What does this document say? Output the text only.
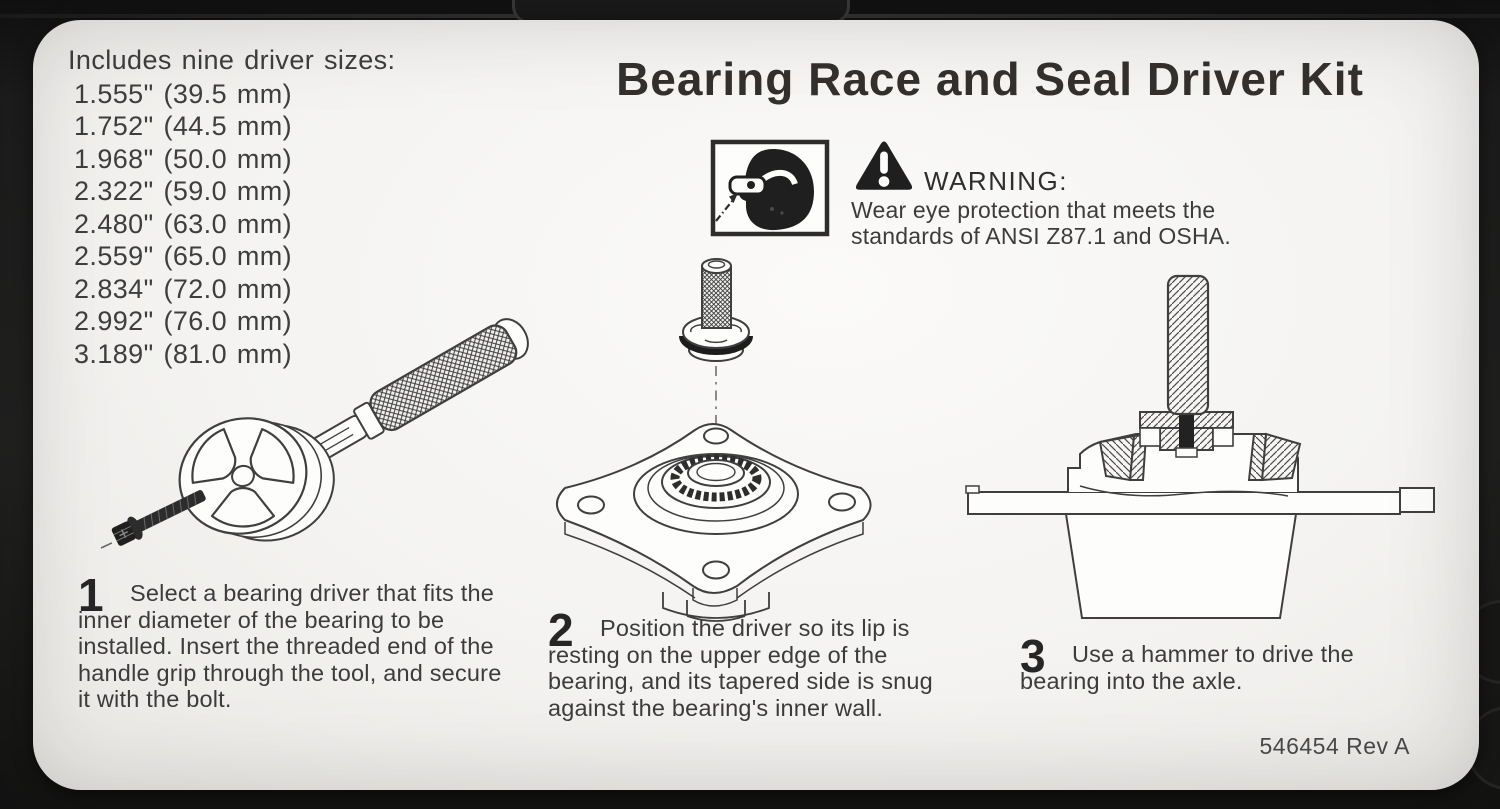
Includes nine driver sizes:
1.555" (39.5 mm)
1.752" (44.5 mm)
1.968" (50.0 mm)
2.322" (59.0 mm)
2.480" (63.0 mm)
2.559" (65.0 mm)
2.834" (72.0 mm)
2.992" (76.0 mm)
3.189" (81.0 mm)
Bearing Race and Seal Driver Kit
WARNING:
Wear eye protection that meets the standards of ANSI Z87.1 and OSHA.
1	Select a bearing driver that fits the inner diameter of the bearing to be installed. Insert the threaded end of the handle grip through the tool, and secure it with the bolt.

2	Position the driver so its lip is resting on the upper edge of the bearing, and its tapered side is snug against the bearing's inner wall.

3	Use a hammer to drive the bearing into the axle.

546454 Rev A
